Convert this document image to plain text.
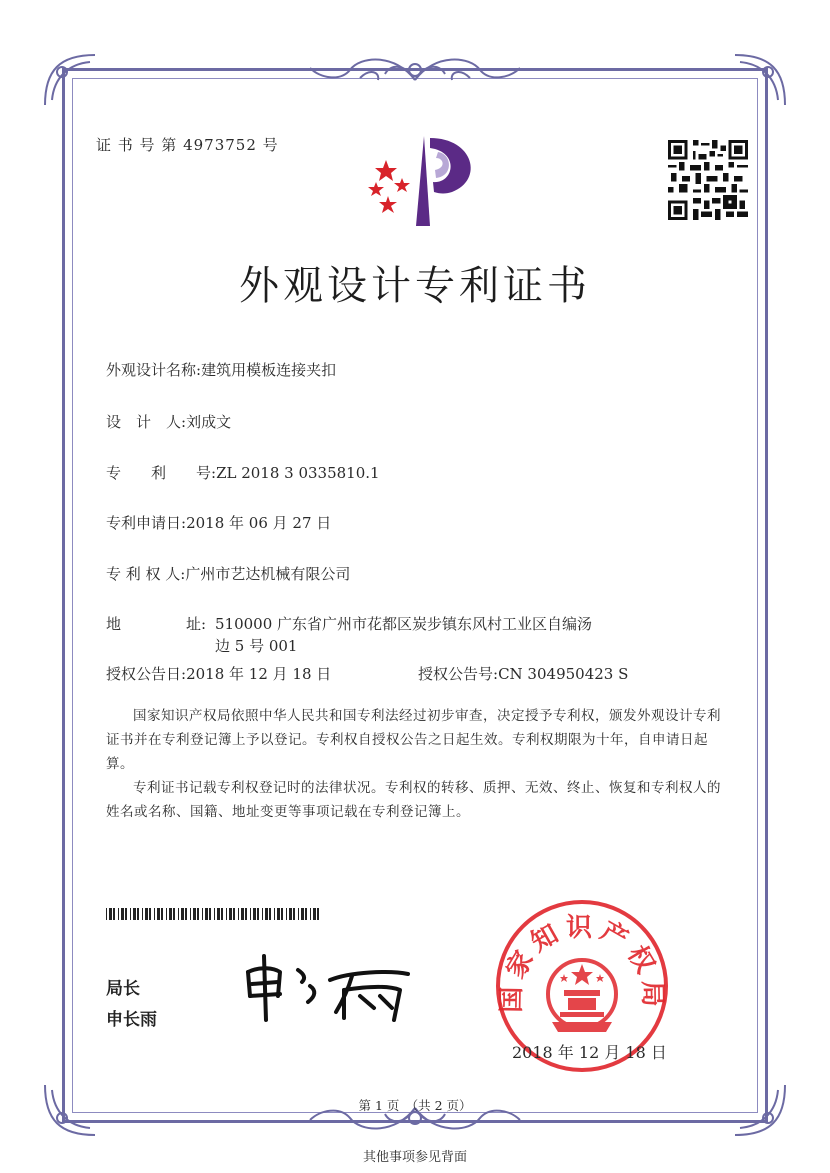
证 书 号 第 4973752 号
外观设计专利证书
外观设计名称:建筑用模板连接夹扣
设　计　人:刘成文
专　　利　　号:ZL 2018 3 0335810.1
专利申请日:2018 年 06 月 27 日
专 利 权 人:广州市艺达机械有限公司
地	址: 510000 广东省广州市花都区炭步镇东风村工业区自编汤
边 5 号 001
授权公告日:2018 年 12 月 18 日	授权公告号:CN 304950423 S
国家知识产权局依照中华人民共和国专利法经过初步审查，决定授予专利权，颁发外观设计专利证书并在专利登记簿上予以登记。专利权自授权公告之日起生效。专利权期限为十年，自申请日起算。
专利证书记载专利权登记时的法律状况。专利权的转移、质押、无效、终止、恢复和专利权人的姓名或名称、国籍、地址变更等事项记载在专利登记簿上。
局长
申长雨
国家知识产权局
2018 年 12 月 18 日
第 1 页　（共 2 页）
其他事项参见背面
